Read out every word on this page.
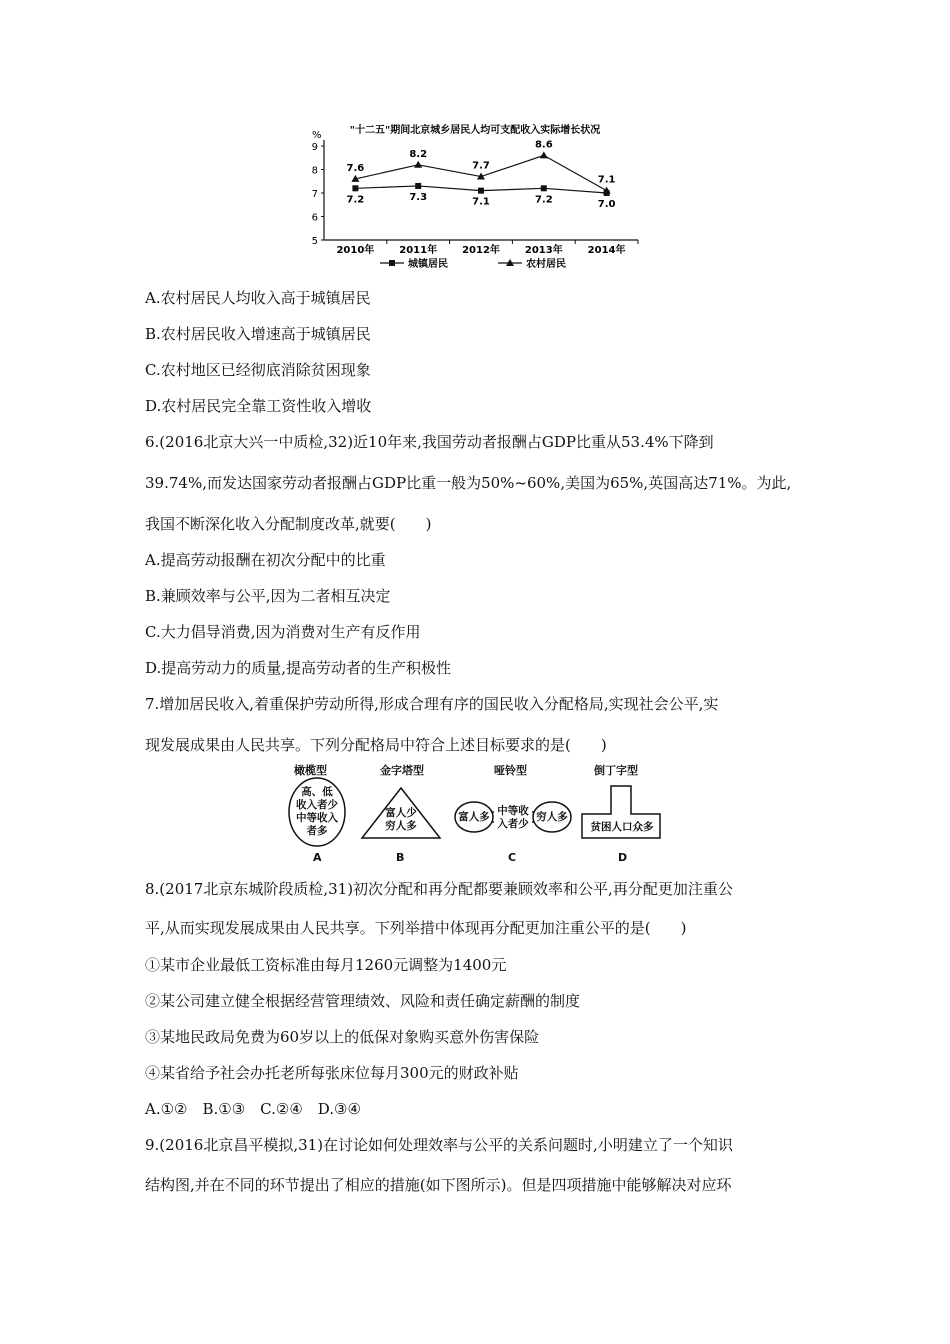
"十二五"期间北京城乡居民人均可支配收入实际增长状况
%
5
6
7
8
9
2010年 2011年 2012年 2013年 2014年
7.2	7.3	7.1	7.2	7.0
7.6
8.2
7.7
8.6
7.1
城镇居民	农村居民
A.农村居民人均收入高于城镇居民
B.农村居民收入增速高于城镇居民
C.农村地区已经彻底消除贫困现象
D.农村居民完全靠工资性收入增收
6.(2016北京大兴一中质检,32)近10年来,我国劳动者报酬占GDP比重从53.4%下降到
39.74%,而发达国家劳动者报酬占GDP比重一般为50%~60%,美国为65%,英国高达71%。为此,
我国不断深化收入分配制度改革,就要(　　)
A.提高劳动报酬在初次分配中的比重
B.兼顾效率与公平,因为二者相互决定
C.大力倡导消费,因为消费对生产有反作用
D.提高劳动力的质量,提高劳动者的生产积极性
7.增加居民收入,着重保护劳动所得,形成合理有序的国民收入分配格局,实现社会公平,实
现发展成果由人民共享。下列分配格局中符合上述目标要求的是(　　)
橄榄型
高、低
收入者少
中等收入
者多
A
金字塔型
富人少
穷人多
B
哑铃型
富人多 中等收
入者少
穷人多
C
倒丁字型
贫困人口众多
D
8.(2017北京东城阶段质检,31)初次分配和再分配都要兼顾效率和公平,再分配更加注重公
平,从而实现发展成果由人民共享。下列举措中体现再分配更加注重公平的是(　　)
①某市企业最低工资标准由每月1260元调整为1400元
②某公司建立健全根据经营管理绩效、风险和责任确定薪酬的制度
③某地民政局免费为60岁以上的低保对象购买意外伤害保险
④某省给予社会办托老所每张床位每月300元的财政补贴
A.①②　B.①③　C.②④　D.③④
9.(2016北京昌平模拟,31)在讨论如何处理效率与公平的关系问题时,小明建立了一个知识
结构图,并在不同的环节提出了相应的措施(如下图所示)。但是四项措施中能够解决对应环
